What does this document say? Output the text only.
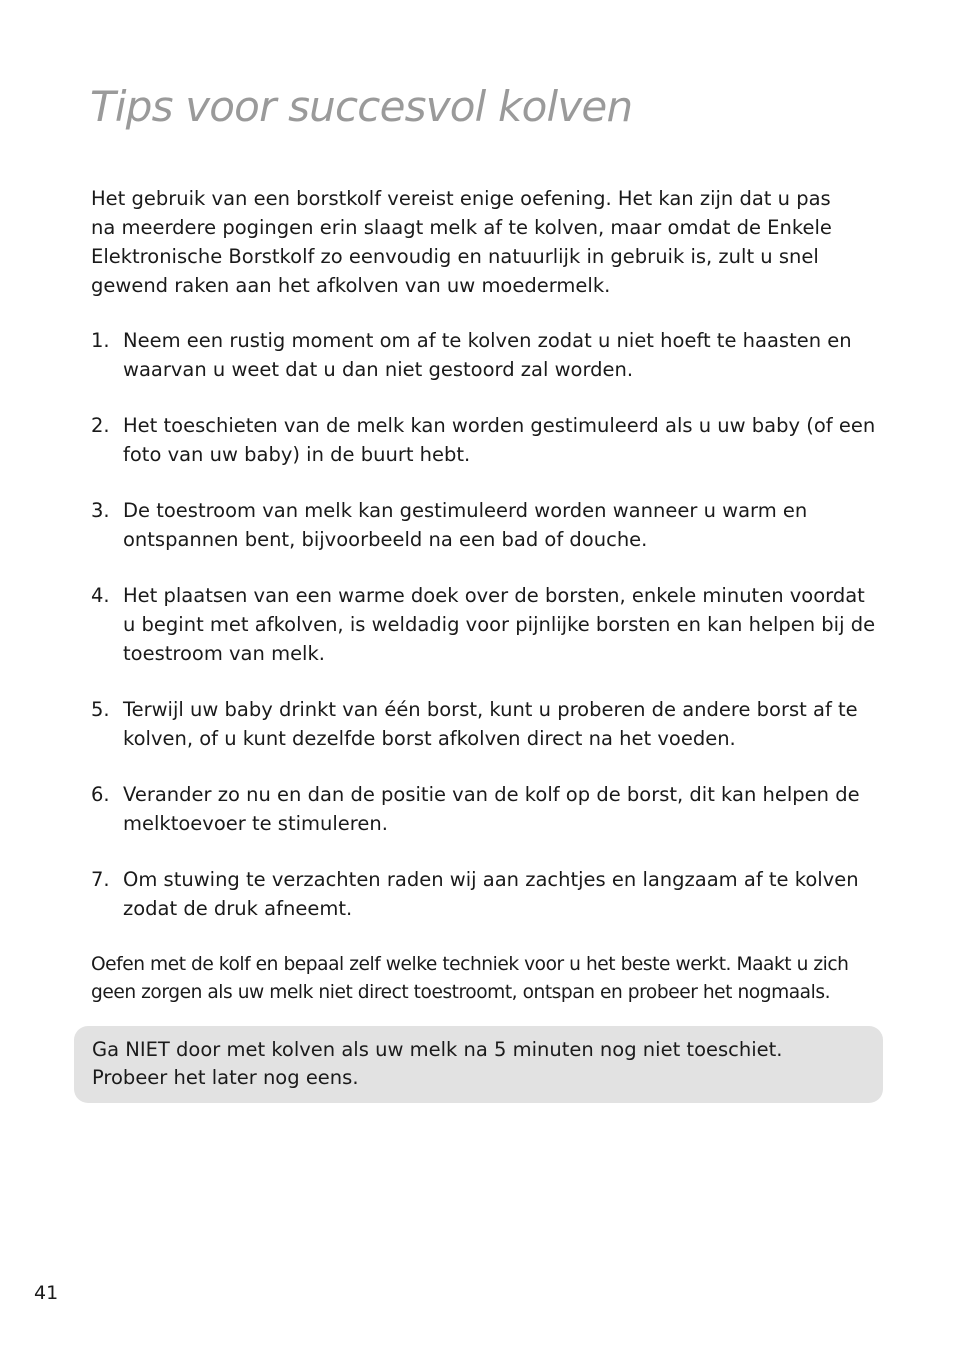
Tips voor succesvol kolven

Het gebruik van een borstkolf vereist enige oefening. Het kan zijn dat u pas na meerdere pogingen erin slaagt melk af te kolven, maar omdat de Enkele Elektronische Borstkolf zo eenvoudig en natuurlijk in gebruik is, zult u snel gewend raken aan het afkolven van uw moedermelk.

1. Neem een rustig moment om af te kolven zodat u niet hoeft te haasten en waarvan u weet dat u dan niet gestoord zal worden.
2. Het toeschieten van de melk kan worden gestimuleerd als u uw baby (of een foto van uw baby) in de buurt hebt.
3. De toestroom van melk kan gestimuleerd worden wanneer u warm en ontspannen bent, bijvoorbeeld na een bad of douche.
4. Het plaatsen van een warme doek over de borsten, enkele minuten voordat u begint met afkolven, is weldadig voor pijnlijke borsten en kan helpen bij de toestroom van melk.
5. Terwijl uw baby drinkt van één borst, kunt u proberen de andere borst af te kolven, of u kunt dezelfde borst afkolven direct na het voeden.
6. Verander zo nu en dan de positie van de kolf op de borst, dit kan helpen de melktoevoer te stimuleren.
7. Om stuwing te verzachten raden wij aan zachtjes en langzaam af te kolven zodat de druk afneemt.

Oefen met de kolf en bepaal zelf welke techniek voor u het beste werkt. Maakt u zich geen zorgen als uw melk niet direct toestroomt, ontspan en probeer het nogmaals.

Ga NIET door met kolven als uw melk na 5 minuten nog niet toeschiet. Probeer het later nog eens.

41
